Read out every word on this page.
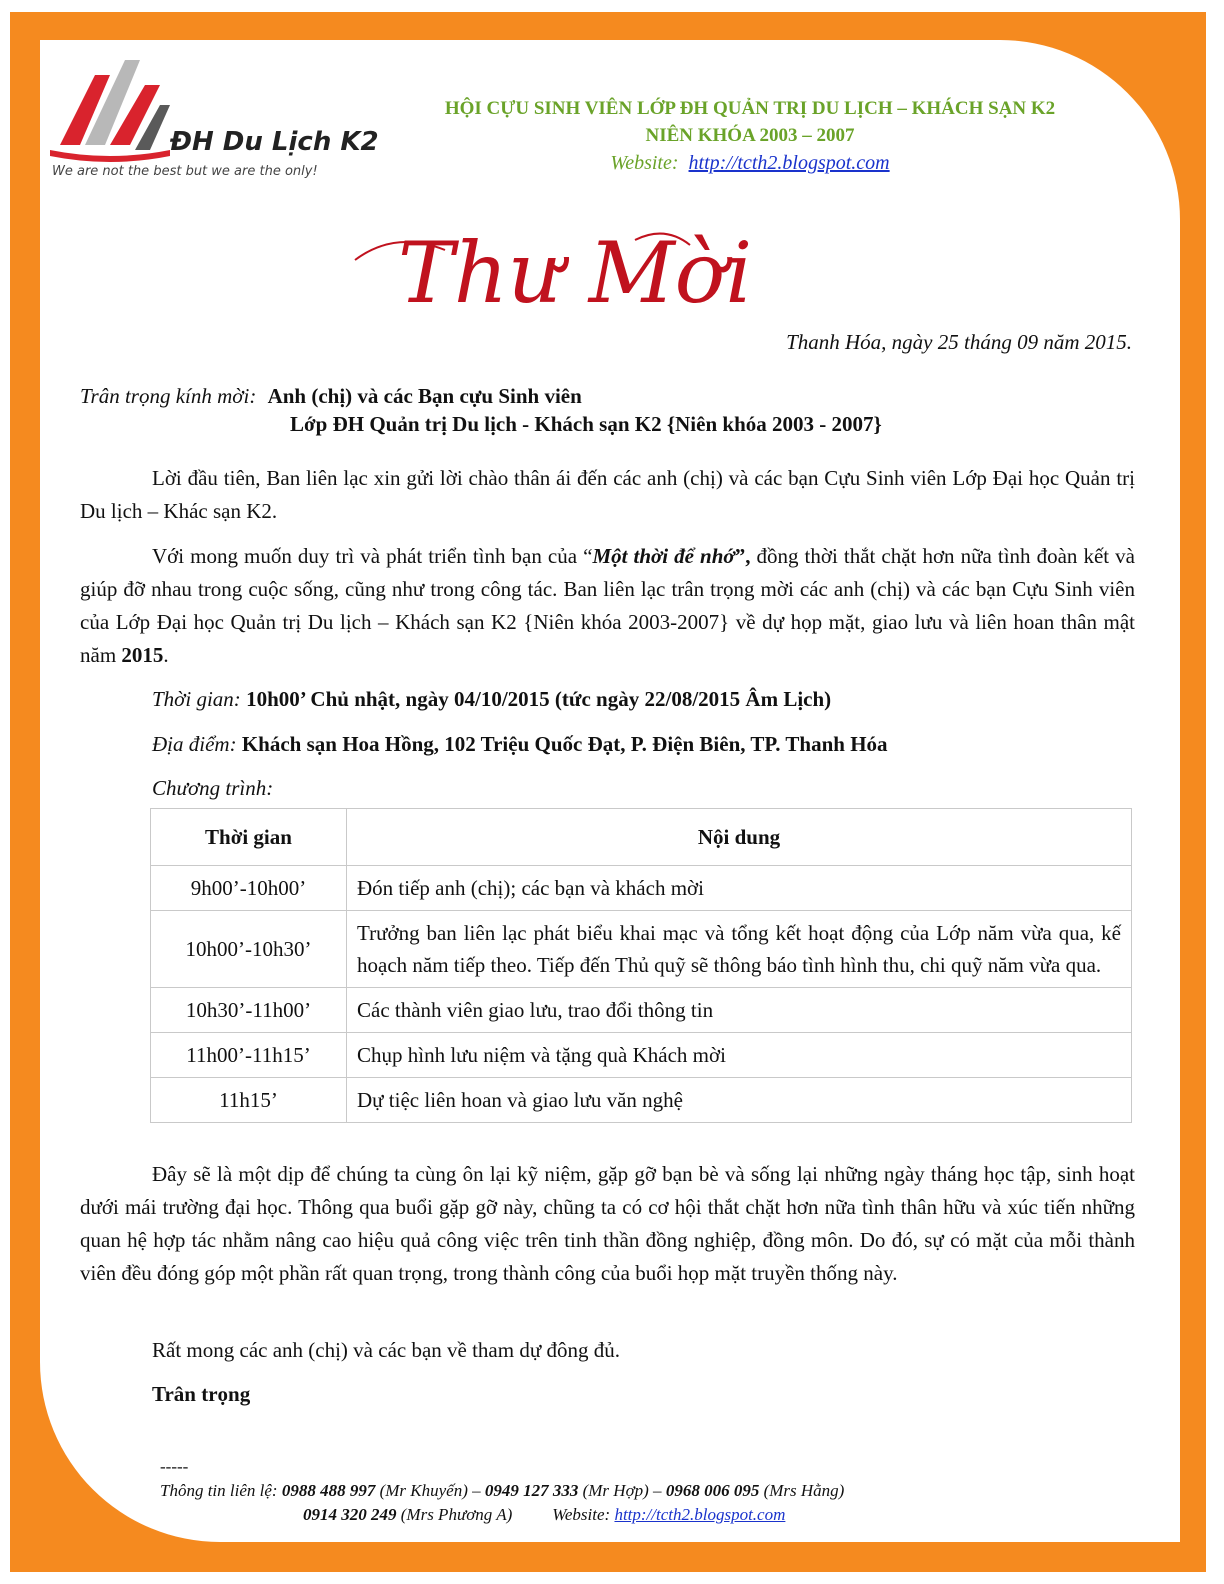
ĐH Du Lịch K2
We are not the best but we are the only!
HỘI CỰU SINH VIÊN LỚP ĐH QUẢN TRỊ DU LỊCH – KHÁCH SẠN K2
NIÊN KHÓA 2003 – 2007
Website:  http://tcth2.blogspot.com
Thư Mời
Thanh Hóa, ngày 25 tháng 09 năm 2015.
Trân trọng kính mời: Anh (chị) và các Bạn cựu Sinh viên
Lớp ĐH Quản trị Du lịch - Khách sạn K2 {Niên khóa 2003 - 2007}
Lời đầu tiên, Ban liên lạc xin gửi lời chào thân ái đến các anh (chị) và các bạn Cựu Sinh viên Lớp Đại học Quản trị Du lịch – Khác sạn K2.
Với mong muốn duy trì và phát triển tình bạn của “Một thời để nhớ”, đồng thời thắt chặt hơn nữa tình đoàn kết và giúp đỡ nhau trong cuộc sống, cũng như trong công tác. Ban liên lạc trân trọng mời các anh (chị) và các bạn Cựu Sinh viên của Lớp Đại học Quản trị Du lịch – Khách sạn K2 {Niên khóa 2003-2007} về dự họp mặt, giao lưu và liên hoan thân mật năm 2015.
Thời gian: 10h00’ Chủ nhật, ngày 04/10/2015 (tức ngày 22/08/2015 Âm Lịch)
Địa điểm: Khách sạn Hoa Hồng, 102 Triệu Quốc Đạt, P. Điện Biên, TP. Thanh Hóa
Chương trình:
Thời gian	Nội dung
9h00’-10h00’	Đón tiếp anh (chị); các bạn và khách mời
10h00’-10h30’	Trưởng ban liên lạc phát biểu khai mạc và tổng kết hoạt động của Lớp năm vừa qua, kế hoạch năm tiếp theo. Tiếp đến Thủ quỹ sẽ thông báo tình hình thu, chi quỹ năm vừa qua.
10h30’-11h00’	Các thành viên giao lưu, trao đổi thông tin
11h00’-11h15’	Chụp hình lưu niệm và tặng quà Khách mời
11h15’	Dự tiệc liên hoan và giao lưu văn nghệ
Đây sẽ là một dịp để chúng ta cùng ôn lại kỹ niệm, gặp gỡ bạn bè và sống lại những ngày tháng học tập, sinh hoạt dưới mái trường đại học. Thông qua buổi gặp gỡ này, chũng ta có cơ hội thắt chặt hơn nữa tình thân hữu và xúc tiến những quan hệ hợp tác nhằm nâng cao hiệu quả công việc trên tinh thần đồng nghiệp, đồng môn. Do đó, sự có mặt của mỗi thành viên đều đóng góp một phần rất quan trọng, trong thành công của buổi họp mặt truyền thống này.
Rất mong các anh (chị) và các bạn về tham dự đông đủ.
Trân trọng
-----
Thông tin liên lệ: 0988 488 997 (Mr Khuyến) – 0949 127 333 (Mr Hợp) – 0968 006 095 (Mrs Hằng)
0914 320 249 (Mrs Phương A) Website: http://tcth2.blogspot.com
